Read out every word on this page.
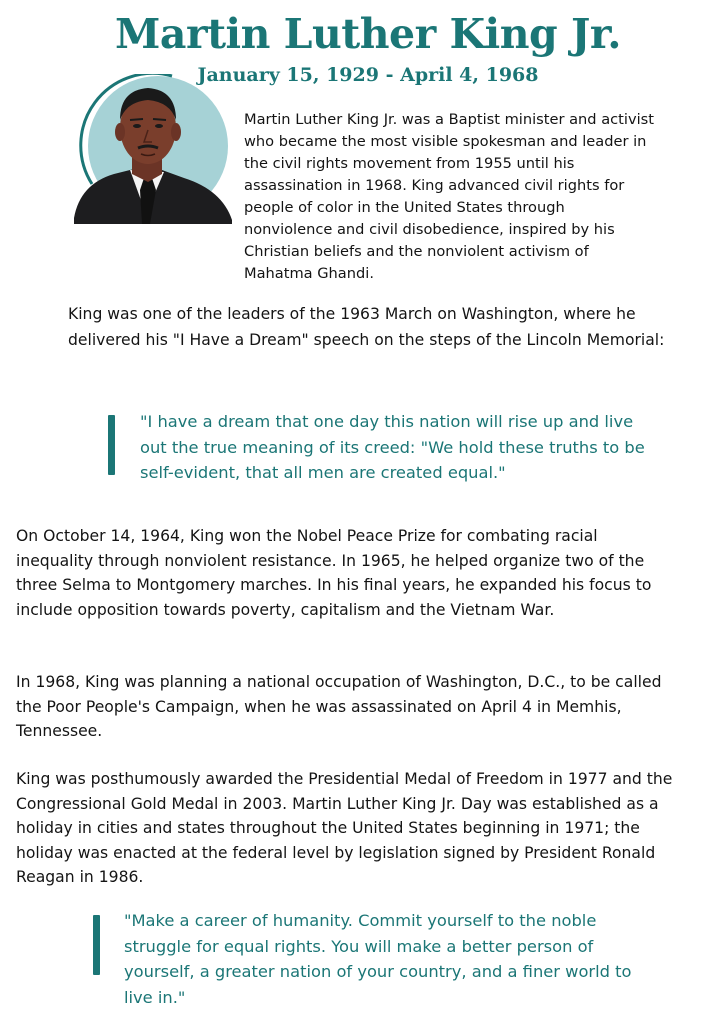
Martin Luther King Jr.
January 15, 1929 - April 4, 1968
Martin Luther King Jr. was a Baptist minister and activist who became the most visible spokesman and leader in the civil rights movement from 1955 until his assassination in 1968. King advanced civil rights for people of color in the United States through nonviolence and civil disobedience, inspired by his Christian beliefs and the nonviolent activism of Mahatma Ghandi.
King was one of the leaders of the 1963 March on Washington, where he delivered his "I Have a Dream" speech on the steps of the Lincoln Memorial:
"I have a dream that one day this nation will rise up and live out the true meaning of its creed: "We hold these truths to be self-evident, that all men are created equal."
On October 14, 1964, King won the Nobel Peace Prize for combating racial inequality through nonviolent resistance. In 1965, he helped organize two of the three Selma to Montgomery marches. In his final years, he expanded his focus to include opposition towards poverty, capitalism and the Vietnam War.
In 1968, King was planning a national occupation of Washington, D.C., to be called the Poor People's Campaign, when he was assassinated on April 4 in Memhis, Tennessee.
King was posthumously awarded the Presidential Medal of Freedom in 1977 and the Congressional Gold Medal in 2003. Martin Luther King Jr. Day was established as a holiday in cities and states throughout the United States beginning in 1971; the holiday was enacted at the federal level by legislation signed by President Ronald Reagan in 1986.
"Make a career of humanity. Commit yourself to the noble struggle for equal rights. You will make a better person of yourself, a greater nation of your country, and a finer world to live in."
